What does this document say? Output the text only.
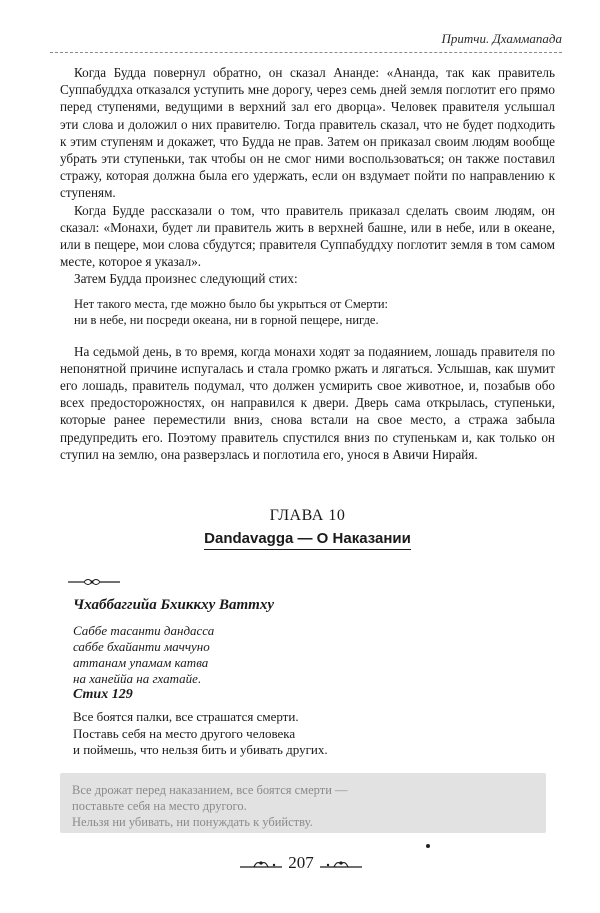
Притчи. Дхаммапада

Когда Будда повернул обратно, он сказал Ананде: «Ананда, так как правитель Суппабуддха отказался уступить мне дорогу, через семь дней земля поглотит его прямо перед ступенями, ведущими в верхний зал его дворца». Человек правителя услышал эти слова и доложил о них правителю. Тогда правитель сказал, что не будет подходить к этим ступеням и докажет, что Будда не прав. Затем он приказал своим людям вообще убрать эти ступеньки, так чтобы он не смог ними воспользоваться; он также поставил стражу, которая должна была его удержать, если он вздумает пойти по направлению к ступеням.

Когда Будде рассказали о том, что правитель приказал сделать своим людям, он сказал: «Монахи, будет ли правитель жить в верхней башне, или в небе, или в океане, или в пещере, мои слова сбудутся; правителя Суппабуддху поглотит земля в том самом месте, которое я указал».

Затем Будда произнес следующий стих:

Нет такого места, где можно было бы укрыться от Смерти:
ни в небе, ни посреди океана, ни в горной пещере, нигде.

На седьмой день, в то время, когда монахи ходят за подаянием, лошадь правителя по непонятной причине испугалась и стала громко ржать и лягаться. Услышав, как шумит его лошадь, правитель подумал, что должен усмирить свое животное, и, позабыв обо всех предосторожностях, он направился к двери. Дверь сама открылась, ступеньки, которые ранее переместили вниз, снова встали на свое место, а стража забыла предупредить его. Поэтому правитель спустился вниз по ступенькам и, как только он ступил на землю, она разверзлась и поглотила его, унося в Авичи Нирайя.

ГЛАВА 10
Dandavagga — О Наказании
Чхаббаггийа Бхиккху Ваттху
Саббе тасанти дандасса
саббе бхайанти маччуно
аттанам упамам катва
на ханеййа на гхатайе.
Стих 129
Все боятся палки, все страшатся смерти.
Поставь себя на место другого человека
и поймешь, что нельзя бить и убивать других.
Все дрожат перед наказанием, все боятся смерти —
поставьте себя на место другого.
Нельзя ни убивать, ни понуждать к убийству.
207
